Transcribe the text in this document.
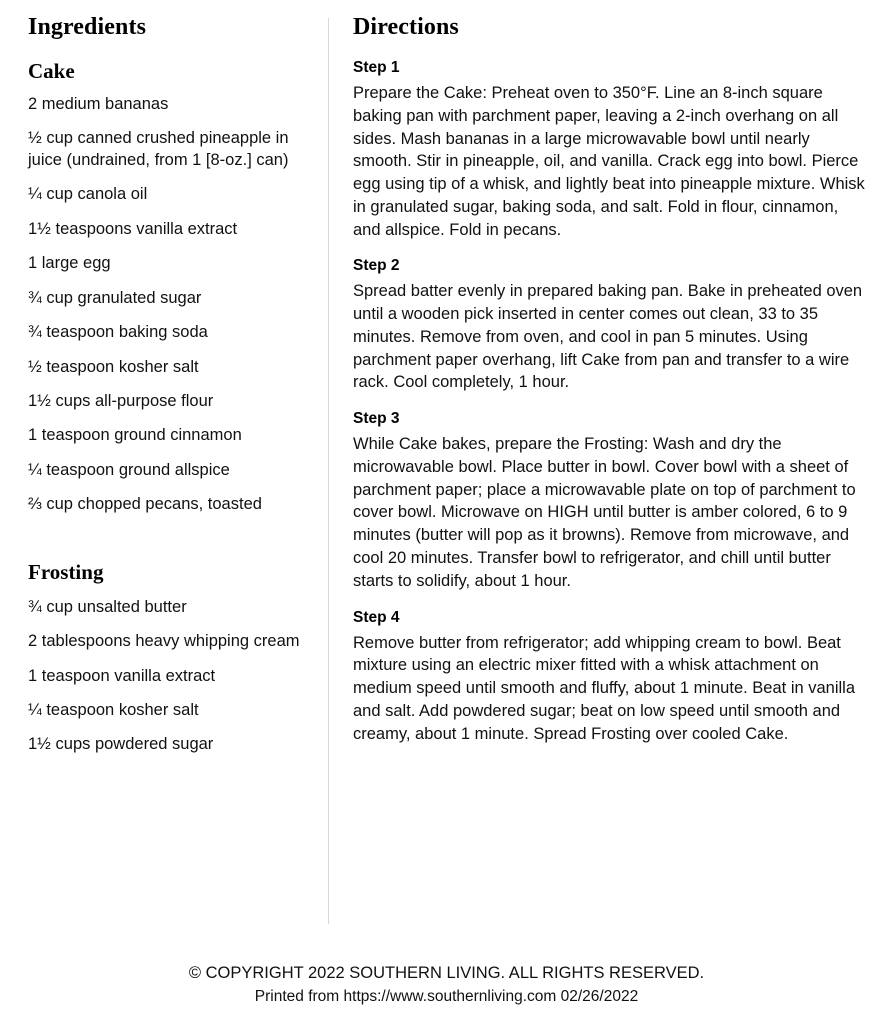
Ingredients
Cake

2 medium bananas

½ cup canned crushed pineapple in juice (undrained, from 1 [8-oz.] can)

¼ cup canola oil

1½ teaspoons vanilla extract

1 large egg

¾ cup granulated sugar

¾ teaspoon baking soda

½ teaspoon kosher salt

1½ cups all-purpose flour

1 teaspoon ground cinnamon

¼ teaspoon ground allspice

⅔ cup chopped pecans, toasted

Frosting

¾ cup unsalted butter

2 tablespoons heavy whipping cream

1 teaspoon vanilla extract

¼ teaspoon kosher salt

1½ cups powdered sugar

Directions

Step 1

Prepare the Cake: Preheat oven to 350°F. Line an 8-inch square baking pan with parchment paper, leaving a 2-inch overhang on all sides. Mash bananas in a large microwavable bowl until nearly smooth. Stir in pineapple, oil, and vanilla. Crack egg into bowl. Pierce egg using tip of a whisk, and lightly beat into pineapple mixture. Whisk in granulated sugar, baking soda, and salt. Fold in flour, cinnamon, and allspice. Fold in pecans.

Step 2

Spread batter evenly in prepared baking pan. Bake in preheated oven until a wooden pick inserted in center comes out clean, 33 to 35 minutes. Remove from oven, and cool in pan 5 minutes. Using parchment paper overhang, lift Cake from pan and transfer to a wire rack. Cool completely, 1 hour.

Step 3

While Cake bakes, prepare the Frosting: Wash and dry the microwavable bowl. Place butter in bowl. Cover bowl with a sheet of parchment paper; place a microwavable plate on top of parchment to cover bowl. Microwave on HIGH until butter is amber colored, 6 to 9 minutes (butter will pop as it browns). Remove from microwave, and cool 20 minutes. Transfer bowl to refrigerator, and chill until butter starts to solidify, about 1 hour.

Step 4

Remove butter from refrigerator; add whipping cream to bowl. Beat mixture using an electric mixer fitted with a whisk attachment on medium speed until smooth and fluffy, about 1 minute. Beat in vanilla and salt. Add powdered sugar; beat on low speed until smooth and creamy, about 1 minute. Spread Frosting over cooled Cake.

© COPYRIGHT 2022 SOUTHERN LIVING. ALL RIGHTS RESERVED.

Printed from https://www.southernliving.com 02/26/2022
